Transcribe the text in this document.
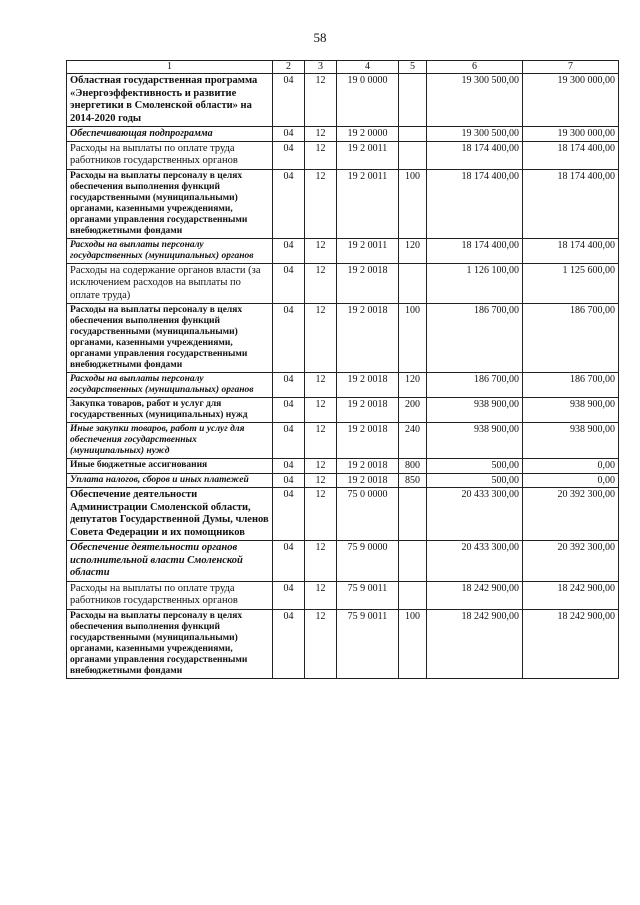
58
1	2	3	4	5	6	7
Областная государственная программа «Энергоэффективность и развитие энергетики в Смоленской области» на 2014-2020 годы	04	12	19 0 0000		19 300 500,00	19 300 000,00
Обеспечивающая подпрограмма	04	12	19 2 0000		19 300 500,00	19 300 000,00
Расходы на выплаты по оплате труда работников государственных органов	04	12	19 2 0011		18 174 400,00	18 174 400,00
Расходы на выплаты персоналу в целях обеспечения выполнения функций государственными (муниципальными) органами, казенными учреждениями, органами управления государственными внебюджетными фондами	04	12	19 2 0011	100	18 174 400,00	18 174 400,00
Расходы на выплаты персоналу государственных (муниципальных) органов	04	12	19 2 0011	120	18 174 400,00	18 174 400,00
Расходы на содержание органов власти (за исключением расходов на выплаты по оплате труда)	04	12	19 2 0018		1 126 100,00	1 125 600,00
Расходы на выплаты персоналу в целях обеспечения выполнения функций государственными (муниципальными) органами, казенными учреждениями, органами управления государственными внебюджетными фондами	04	12	19 2 0018	100	186 700,00	186 700,00
Расходы на выплаты персоналу государственных (муниципальных) органов	04	12	19 2 0018	120	186 700,00	186 700,00
Закупка товаров, работ и услуг для государственных (муниципальных) нужд	04	12	19 2 0018	200	938 900,00	938 900,00
Иные закупки товаров, работ и услуг для обеспечения государственных (муниципальных) нужд	04	12	19 2 0018	240	938 900,00	938 900,00
Иные бюджетные ассигнования	04	12	19 2 0018	800	500,00	0,00
Уплата налогов, сборов и иных платежей	04	12	19 2 0018	850	500,00	0,00
Обеспечение деятельности Администрации Смоленской области, депутатов Государственной Думы, членов Совета Федерации и их помощников	04	12	75 0 0000		20 433 300,00	20 392 300,00
Обеспечение деятельности органов исполнительной власти Смоленской области	04	12	75 9 0000		20 433 300,00	20 392 300,00
Расходы на выплаты по оплате труда работников государственных органов	04	12	75 9 0011		18 242 900,00	18 242 900,00
Расходы на выплаты персоналу в целях обеспечения выполнения функций государственными (муниципальными) органами, казенными учреждениями, органами управления государственными внебюджетными фондами	04	12	75 9 0011	100	18 242 900,00	18 242 900,00
